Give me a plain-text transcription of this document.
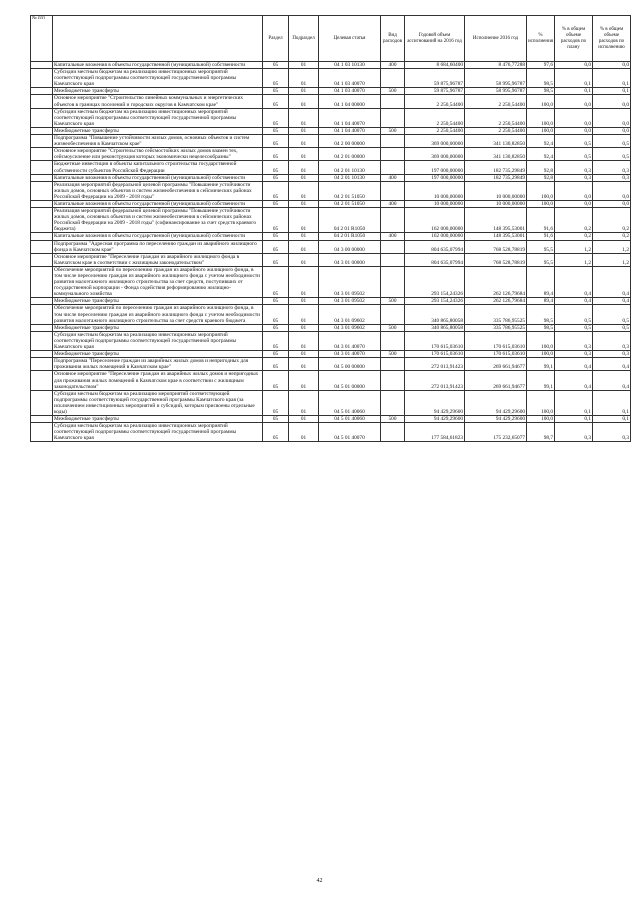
№ п/п		Раздел	Подраздел	Целевая статья	Вид расходов	Годовой объем ассигнований на 2016 год	Исполнение 2016 год	% исполнения	% в общем объеме расходов по плану	% в общем объеме расходов по исполнению
	Капитальные вложения в объекты государственной (муниципальной) собственности	05	01	04 1 03 10130	400	8 684,60400	8 476,77288	97,6	0,0	0,0
	Субсидии местным бюджетам на реализацию инвестиционных мероприятий соответствующей подпрограммы соответствующей государственной программы Камчатского края	05	01	04 1 03 40070		59 875,96787	58 995,96787	98,5	0,1	0,1
	Межбюджетные трансферты	05	01	04 1 03 40070	500	59 875,96787	58 995,96787	98,5	0,1	0,1
	Основное мероприятие "Строительство линейных коммунальных и энергетических объектов в границах поселений и городских округов в Камчатском крае"	05	01	04 1 04 00000		2 250,54400	2 250,54400	100,0	0,0	0,0
	Субсидии местным бюджетам на реализацию инвестиционных мероприятий соответствующей подпрограммы соответствующей государственной программы Камчатского края	05	01	04 1 04 40070		2 250,54400	2 250,54400	100,0	0,0	0,0
	Межбюджетные трансферты	05	01	04 1 04 40070	500	2 250,54400	2 250,54400	100,0	0,0	0,0
	Подпрограмма "Повышение устойчивости жилых домов, основных объектов и систем жизнеобеспечения в Камчатском крае"	05	01	04 2 00 00000		369 000,00000	341 130,82850	92,4	0,5	0,5
	Основное мероприятие "Строительство сейсмостойких жилых домов взамен тех, сейсмоусиление или реконструкция которых экономически нецелесообразны"	05	01	04 2 01 00000		369 000,00000	341 130,82850	92,4	0,5	0,5
	Бюджетные инвестиции в объекты капитального строительства государственной собственности субъектов Российской Федерации	05	01	04 2 01 10130		197 000,00000	182 735,29849	92,8	0,3	0,3
	Капитальные вложения в объекты государственной (муниципальной) собственности	05	01	04 2 01 10130	400	197 000,00000	182 735,29849	92,8	0,3	0,3
	Реализация мероприятий федеральной целевой программы "Повышение устойчивости жилых домов, основных объектов и систем жизнеобеспечения в сейсмических районах Российской Федерации на 2009 - 2018 годы"	05	01	04 2 01 51050		10 000,00000	10 000,00000	100,0	0,0	0,0
	Капитальные вложения в объекты государственной (муниципальной) собственности	05	01	04 2 01 51050	400	10 000,00000	10 000,00000	100,0	0,0	0,0
	Реализация мероприятий федеральной целевой программы "Повышение устойчивости жилых домов, основных объектов и систем жизнеобеспечения в сейсмических районах Российской Федерации на 2009 - 2018 годы" (софинансирование за счет средств краевого бюджета)	05	01	04 2 01 R1050		162 000,00000	148 395,53001	91,6	0,2	0,2
	Капитальные вложения в объекты государственной (муниципальной) собственности	05	01	04 2 01 R1050	400	162 000,00000	148 395,53001	91,6	0,2	0,2
	Подпрограмма "Адресная программа по переселению граждан из аварийного жилищного фонда в Камчатском крае"	05	01	04 3 00 00000		804 635,07994	768 528,78819	95,5	1,2	1,2
	Основное мероприятие "Переселение граждан из аварийного жилищного фонда в Камчатском крае в соответствии с жилищным законодательством"	05	01	04 3 01 00000		804 635,07994	768 528,78819	95,5	1,2	1,2
	Обеспечение мероприятий по переселению граждан из аварийного жилищного фонда, в том числе переселению граждан из аварийного жилищного фонда с учетом необходимости развития малоэтажного жилищного строительства за счет средств, поступивших от государственной корпорации - Фонда содействия реформированию жилищно-коммунального хозяйства	05	01	04 3 01 09502		293 154,24326	262 126,79684	89,4	0,4	0,4
	Межбюджетные трансферты	05	01	04 3 01 09502	500	293 154,24326	262 126,79684	89,4	0,4	0,4
	Обеспечение мероприятий по переселению граждан из аварийного жилищного фонда, в том числе переселению граждан из аварийного жилищного фонда с учетом необходимости развития малоэтажного жилищного строительства за счет средств краевого бюджета	05	01	04 3 01 09602		340 865,80058	335 786,95525	98,5	0,5	0,5
	Межбюджетные трансферты	05	01	04 3 01 09602	500	340 865,80058	335 786,95525	98,5	0,5	0,5
	Субсидии местным бюджетам на реализацию инвестиционных мероприятий соответствующей подпрограммы соответствующей государственной программы Камчатского края	05	01	04 3 01 40070		170 615,03610	170 615,03610	100,0	0,3	0,3
	Межбюджетные трансферты	05	01	04 3 01 40070	500	170 615,03610	170 615,03610	100,0	0,3	0,3
	Подпрограмма "Переселение граждан из аварийных жилых домов и непригодных для проживания жилых помещений в Камчатском крае"	05	01	04 5 00 00000		272 013,91423	269 661,94677	99,1	0,4	0,4
	Основное мероприятие "Переселение граждан из аварийных жилых домов и непригодных для проживания жилых помещений в Камчатском крае в соответствии с жилищным законодательством"	05	01	04 5 01 00000		272 013,91423	269 661,94677	99,1	0,4	0,4
	Субсидии местным бюджетам на реализацию мероприятий соответствующей подпрограммы соответствующей государственной программы Камчатского края (за исключением инвестиционных мероприятий и субсидий, которым присвоены отдельные коды)	05	01	04 5 01 40060		94 429,29600	94 429,29600	100,0	0,1	0,1
	Межбюджетные трансферты	05	01	04 5 01 40060	500	94 429,29600	94 429,29600	100,0	0,1	0,1
	Субсидии местным бюджетам на реализацию инвестиционных мероприятий соответствующей подпрограммы соответствующей государственной программы Камчатского края	05	01	04 5 01 40070		177 584,61823	175 232,65077	98,7	0,3	0,3
42
